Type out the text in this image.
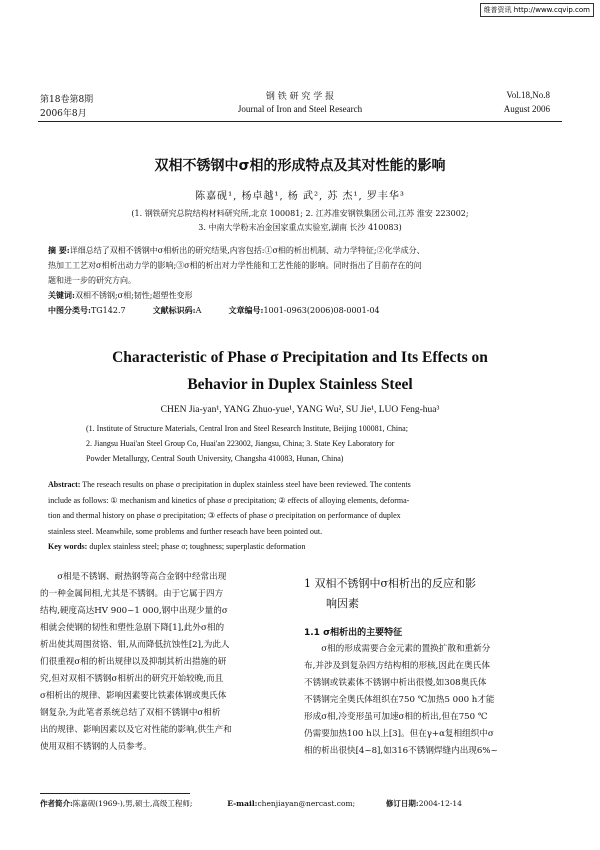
维普资讯 http://www.cqvip.com
第18卷第8期
2006年8月
钢 铁 研 究 学 报
Journal of Iron and Steel Research
Vol.18,No.8
August 2006
双相不锈钢中σ相的形成特点及其对性能的影响
陈嘉砚¹, 杨卓越¹, 杨 武², 苏 杰¹, 罗丰华³
(1. 钢铁研究总院结构材料研究所,北京 100081; 2. 江苏准安钢铁集团公司,江苏 淮安 223002;
3. 中南大学粉末冶金国家重点实验室,湖南 长沙 410083)
摘 要:详细总结了双相不锈钢中σ相析出的研究结果,内容包括:①σ相的析出机制、动力学特征;②化学成分、
热加工工艺对σ相析出动力学的影响;③σ相的析出对力学性能和工艺性能的影响。同时指出了目前存在的问
题和进一步的研究方向。
关键词:双相不锈钢;σ相;韧性;超塑性变形
中图分类号:TG142.7	文献标识码:A	文章编号:1001-0963(2006)08-0001-04
Characteristic of Phase σ Precipitation and Its Effects on
Behavior in Duplex Stainless Steel
CHEN Jia-yan¹, YANG Zhuo-yue¹, YANG Wu², SU Jie¹, LUO Feng-hua³
(1. Institute of Structure Materials, Central Iron and Steel Research Institute, Beijing 100081, China;
2. Jiangsu Huai'an Steel Group Co, Huai'an 223002, Jiangsu, China; 3. State Key Laboratory for
Powder Metallurgy, Central South University, Changsha 410083, Hunan, China)
Abstract: The reseach results on phase σ precipitation in duplex stainless steel have been reviewed. The contents
include as follows: ① mechanism and kinetics of phase σ precipitation; ② effects of alloying elements, deforma-
tion and thermal history on phase σ precipitation; ③ effects of phase σ precipitation on performance of duplex
stainless steel. Meanwhile, some problems and further reseach have been pointed out.
Key words: duplex stainless steel; phase σ; toughness; superplastic deformation
σ相是不锈钢、耐热钢等高合金钢中经常出现
的一种金属间相,尤其是不锈钢。由于它属于四方
结构,硬度高达HV 900~1 000,钢中出现少量的σ
相就会使钢的韧性和塑性急剧下降[1],此外σ相的
析出使其周围贫铬、钼,从而降低抗蚀性[2],为此人
们很重视σ相的析出规律以及抑制其析出措施的研
究,但对双相不锈钢σ相析出的研究开始较晚,而且
σ相析出的规律、影响因素要比铁素体钢或奥氏体
钢复杂,为此笔者系统总结了双相不锈钢中σ相析
出的规律、影响因素以及它对性能的影响,供生产和
使用双相不锈钢的人员参考。
1 双相不锈钢中σ相析出的反应和影
响因素
1.1 σ相析出的主要特征
σ相的形成需要合金元素的置换扩散和重新分
布,并涉及到复杂四方结构相的形核,因此在奥氏体
不锈钢或铁素体不锈钢中析出很慢,如308奥氏体
不锈钢完全奥氏体组织在750 ℃加热5 000 h才能
形成σ相,冷变形虽可加速σ相的析出,但在750 ℃
仍需要加热100 h以上[3]。但在γ+α复相组织中σ
相的析出很快[4~8],如316不锈钢焊缝内出现6%~
作者简介:陈嘉砚(1969-),男,硕士,高级工程师;	E-mail:chenjiayan@nercast.com;	修订日期:2004-12-14
